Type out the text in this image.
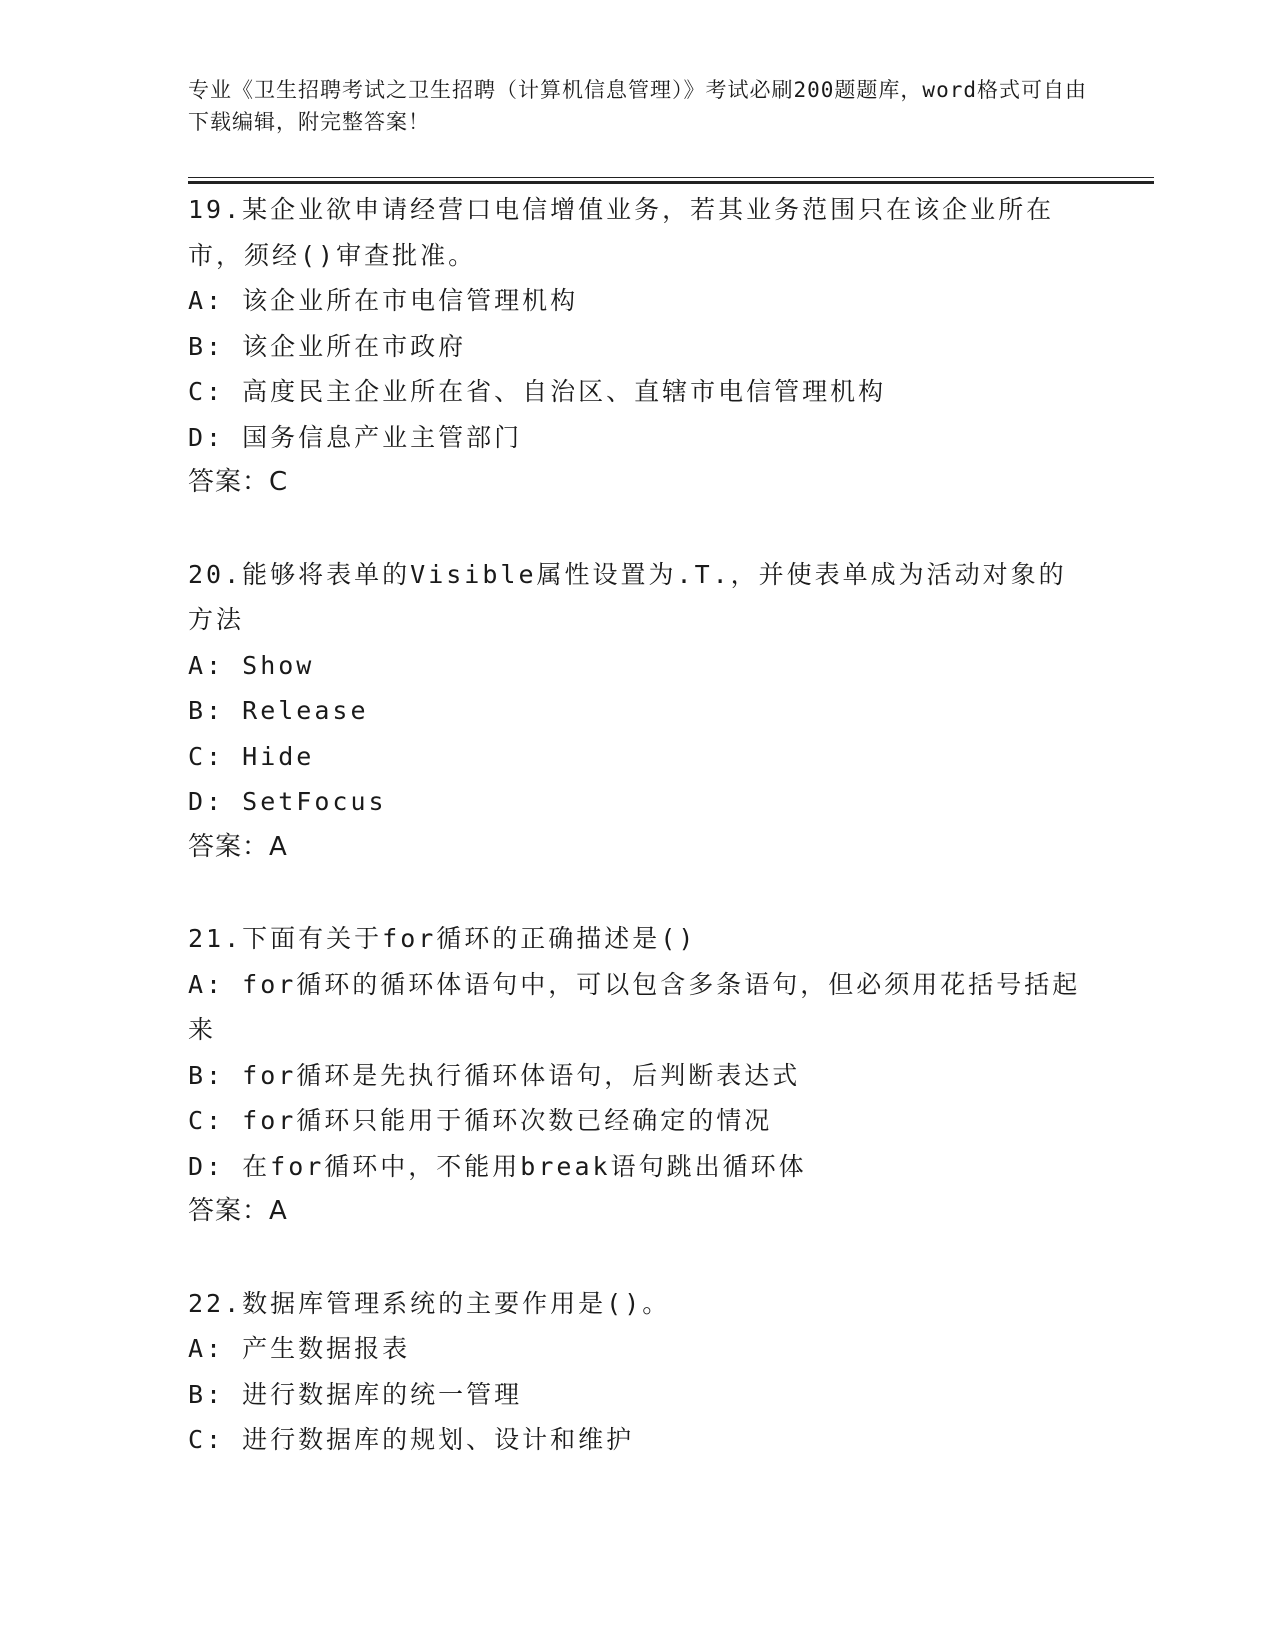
专业《卫生招聘考试之卫生招聘（计算机信息管理）》考试必刷200题题库，word格式可自由下载编辑，附完整答案！
19.某企业欲申请经营口电信增值业务，若其业务范围只在该企业所在市，须经()审查批准。
A: 该企业所在市电信管理机构
B: 该企业所在市政府
C: 高度民主企业所在省、自治区、直辖市电信管理机构
D: 国务信息产业主管部门
答案：C
20.能够将表单的Visible属性设置为.T.，并使表单成为活动对象的方法
A: Show
B: Release
C: Hide
D: SetFocus
答案：A
21.下面有关于for循环的正确描述是()
A: for循环的循环体语句中，可以包含多条语句，但必须用花括号括起来
B: for循环是先执行循环体语句，后判断表达式
C: for循环只能用于循环次数已经确定的情况
D: 在for循环中，不能用break语句跳出循环体
答案：A
22.数据库管理系统的主要作用是()。
A: 产生数据报表
B: 进行数据库的统一管理
C: 进行数据库的规划、设计和维护
